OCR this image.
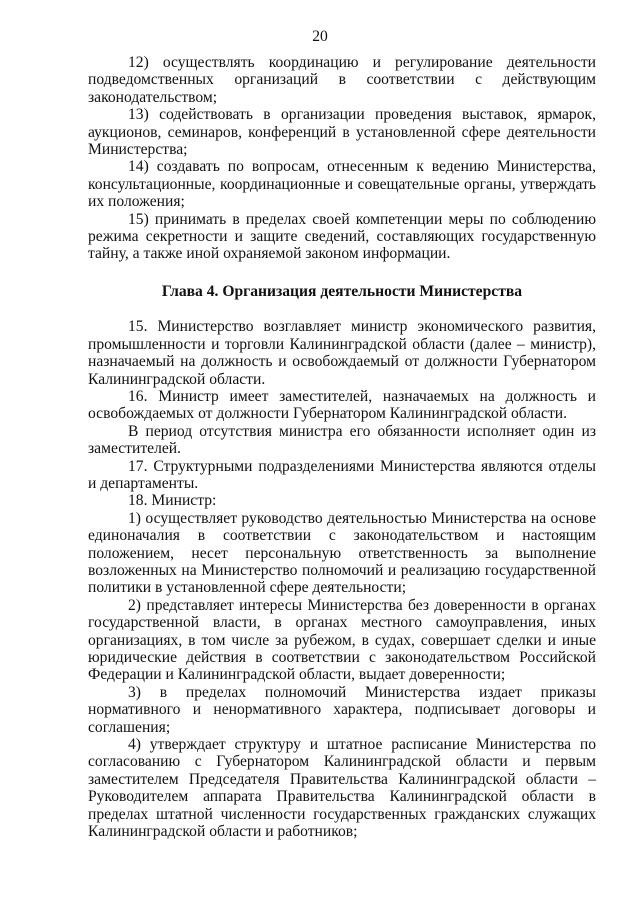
20

12) осуществлять координацию и регулирование деятельности подведомственных организаций в соответствии с действующим законодательством;

13) содействовать в организации проведения выставок, ярмарок, аукционов, семинаров, конференций в установленной сфере деятельности Министерства;

14) создавать по вопросам, отнесенным к ведению Министерства, консультационные, координационные и совещательные органы, утверждать их положения;

15) принимать в пределах своей компетенции меры по соблюдению режима секретности и защите сведений, составляющих государственную тайну, а также иной охраняемой законом информации.

Глава 4. Организация деятельности Министерства

15. Министерство возглавляет министр экономического развития, промышленности и торговли Калининградской области (далее – министр), назначаемый на должность и освобождаемый от должности Губернатором Калининградской области.

16. Министр имеет заместителей, назначаемых на должность и освобождаемых от должности Губернатором Калининградской области.

В период отсутствия министра его обязанности исполняет один из заместителей.

17. Структурными подразделениями Министерства являются отделы и департаменты.

18. Министр:

1) осуществляет руководство деятельностью Министерства на основе единоначалия в соответствии с законодательством и настоящим положением, несет персональную ответственность за выполнение возложенных на Министерство полномочий и реализацию государственной политики в установленной сфере деятельности;

2) представляет интересы Министерства без доверенности в органах государственной власти, в органах местного самоуправления, иных организациях, в том числе за рубежом, в судах, совершает сделки и иные юридические действия в соответствии с законодательством Российской Федерации и Калининградской области, выдает доверенности;

3) в пределах полномочий Министерства издает приказы нормативного и ненормативного характера, подписывает договоры и соглашения;

4) утверждает структуру и штатное расписание Министерства по согласованию с Губернатором Калининградской области и первым заместителем Председателя Правительства Калининградской области – Руководителем аппарата Правительства Калининградской области в пределах штатной численности государственных гражданских служащих Калининградской области и работников;
